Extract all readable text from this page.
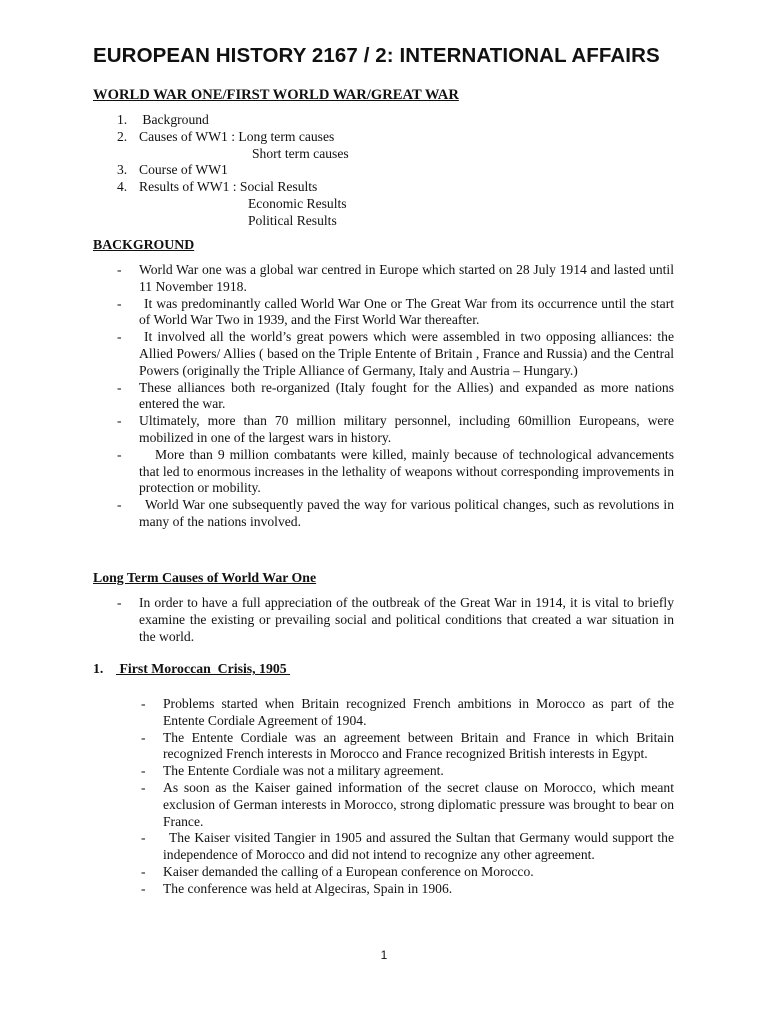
EUROPEAN HISTORY 2167 / 2: INTERNATIONAL AFFAIRS
WORLD WAR ONE/FIRST WORLD WAR/GREAT WAR
1. Background
2. Causes of WW1 : Long term causes
Short term causes
3. Course of WW1
4. Results of WW1 : Social Results
Economic Results
Political Results
BACKGROUND
- World War one was a global war centred in Europe which started on 28 July 1914 and lasted until 11 November 1918.
- It was predominantly called World War One or The Great War from its occurrence until the start of World War Two in 1939, and the First World War thereafter.
- It involved all the world’s great powers which were assembled in two opposing alliances: the Allied Powers/ Allies ( based on the Triple Entente of Britain , France and Russia) and the Central Powers (originally the Triple Alliance of Germany, Italy and Austria – Hungary.)
- These alliances both re-organized (Italy fought for the Allies) and expanded as more nations entered the war.
- Ultimately, more than 70 million military personnel, including 60million Europeans, were mobilized in one of the largest wars in history.
- More than 9 million combatants were killed, mainly because of technological advancements that led to enormous increases in the lethality of weapons without corresponding improvements in protection or mobility.
- World War one subsequently paved the way for various political changes, such as revolutions in many of the nations involved.
Long Term Causes of World War One
- In order to have a full appreciation of the outbreak of the Great War in 1914, it is vital to briefly examine the existing or prevailing social and political conditions that created a war situation in the world.
1. First Moroccan  Crisis, 1905
- Problems started when Britain recognized French ambitions in Morocco as part of the Entente Cordiale Agreement of 1904.
- The Entente Cordiale was an agreement between Britain and France in which Britain recognized French interests in Morocco and France recognized British interests in Egypt.
- The Entente Cordiale was not a military agreement.
- As soon as the Kaiser gained information of the secret clause on Morocco, which meant exclusion of German interests in Morocco, strong diplomatic pressure was brought to bear on France.
- The Kaiser visited Tangier in 1905 and assured the Sultan that Germany would support the independence of Morocco and did not intend to recognize any other agreement.
- Kaiser demanded the calling of a European conference on Morocco.
- The conference was held at Algeciras, Spain in 1906.
1
